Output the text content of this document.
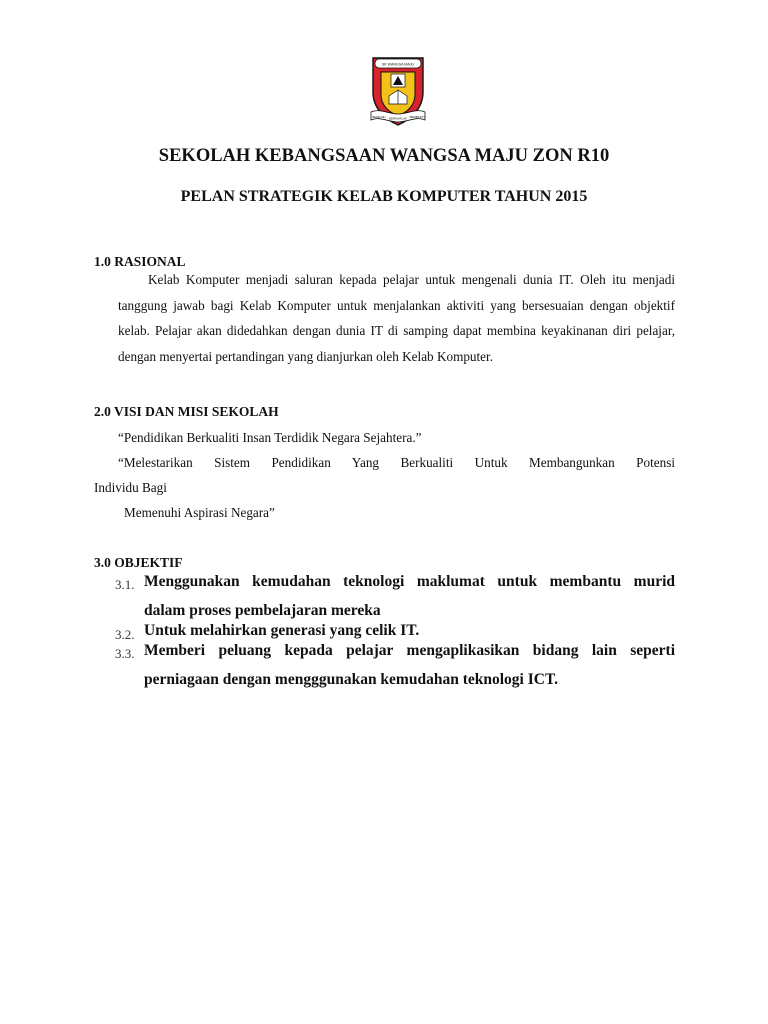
SK WANGSA MAJU
BERILMU BERAKHLAK BERBAKTI
SEKOLAH KEBANGSAAN WANGSA MAJU ZON R10
PELAN STRATEGIK KELAB KOMPUTER TAHUN 2015
1.0 RASIONAL
Kelab Komputer menjadi saluran kepada pelajar untuk mengenali dunia IT. Oleh itu menjadi tanggung jawab bagi Kelab Komputer untuk menjalankan aktiviti yang bersesuaian dengan objektif kelab. Pelajar akan didedahkan dengan dunia IT di samping dapat membina keyakinanan diri pelajar, dengan menyertai pertandingan yang dianjurkan oleh Kelab Komputer.
2.0 VISI DAN MISI SEKOLAH
“Pendidikan Berkualiti Insan Terdidik Negara Sejahtera.”
“Melestarikan Sistem Pendidikan Yang Berkualiti Untuk Membangunkan Potensi
Individu Bagi
Memenuhi Aspirasi Negara”
3.0 OBJEKTIF
3.1. Menggunakan kemudahan teknologi maklumat untuk membantu murid
dalam proses pembelajaran mereka
3.2. Untuk melahirkan generasi yang celik IT.
3.3. Memberi peluang kepada pelajar mengaplikasikan bidang lain seperti
perniagaan dengan mengggunakan kemudahan teknologi ICT.
